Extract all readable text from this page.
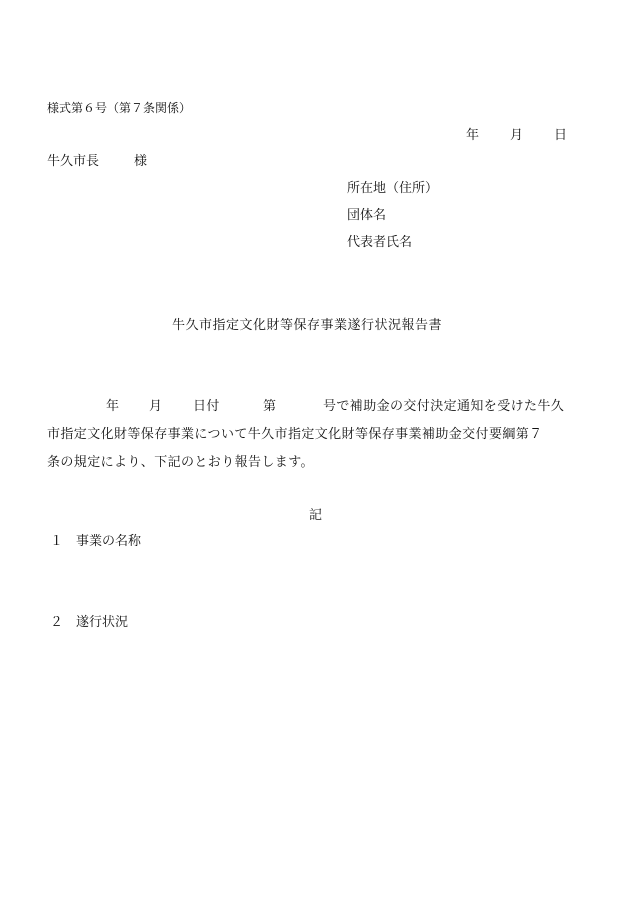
様式第６号（第７条関係）
年 月 日
牛久市長	様
所在地（住所）
団体名
代表者氏名
牛久市指定文化財等保存事業遂行状況報告書
年 月 日付	第	号で補助金の交付決定通知を受けた牛久
市指定文化財等保存事業について牛久市指定文化財等保存事業補助金交付要綱第７
条の規定により、下記のとおり報告します。
記
１ 事業の名称
２ 遂行状況
